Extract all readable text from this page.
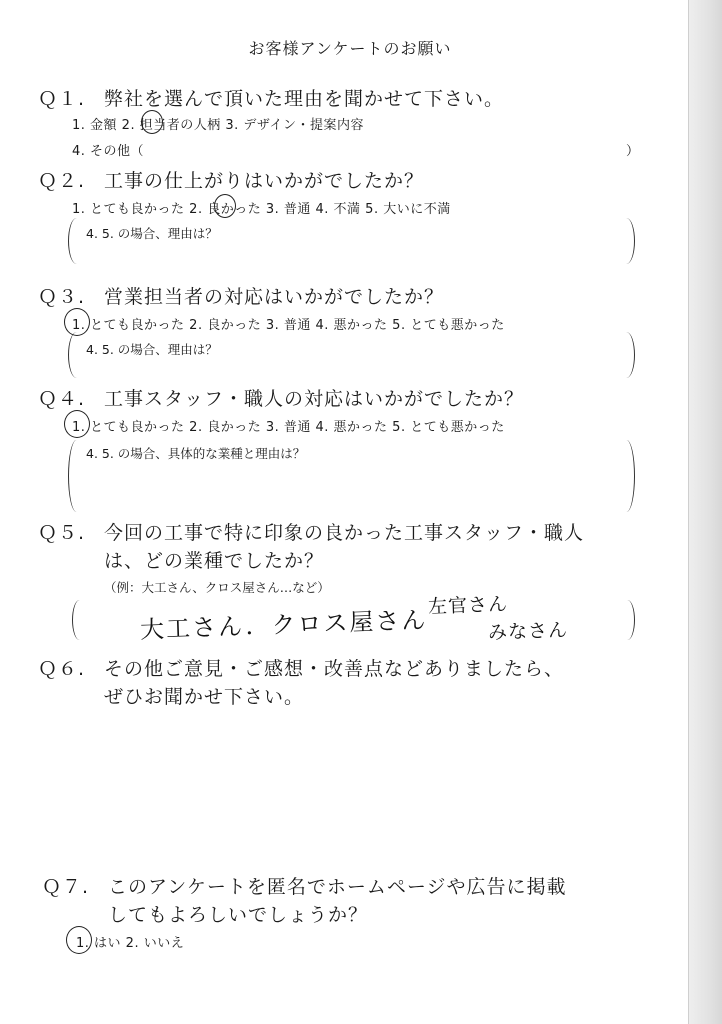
お客様アンケートのお願い
Ｑ１. 弊社を選んで頂いた理由を聞かせて下さい。
1. 金額 2. 担当者の人柄 3. デザイン・提案内容
4. その他（	）
Ｑ２. 工事の仕上がりはいかがでしたか？
1. とても良かった 2. 良かった 3. 普通 4. 不満 5. 大いに不満
4. 5. の場合、理由は？
Ｑ３. 営業担当者の対応はいかがでしたか？
1. とても良かった 2. 良かった 3. 普通 4. 悪かった 5. とても悪かった
4. 5. の場合、理由は？
Ｑ４. 工事スタッフ・職人の対応はいかがでしたか？
1. とても良かった 2. 良かった 3. 普通 4. 悪かった 5. とても悪かった
4. 5. の場合、具体的な業種と理由は？
Ｑ５. 今回の工事で特に印象の良かった工事スタッフ・職人
は、どの業種でしたか？
（例：大工さん、クロス屋さん…など）
大工さん．クロス屋さん
左官さん
みなさん
Ｑ６. その他ご意見・ご感想・改善点などありましたら、
ぜひお聞かせ下さい。
Ｑ７. このアンケートを匿名でホームページや広告に掲載
してもよろしいでしょうか？
1. はい 2. いいえ
